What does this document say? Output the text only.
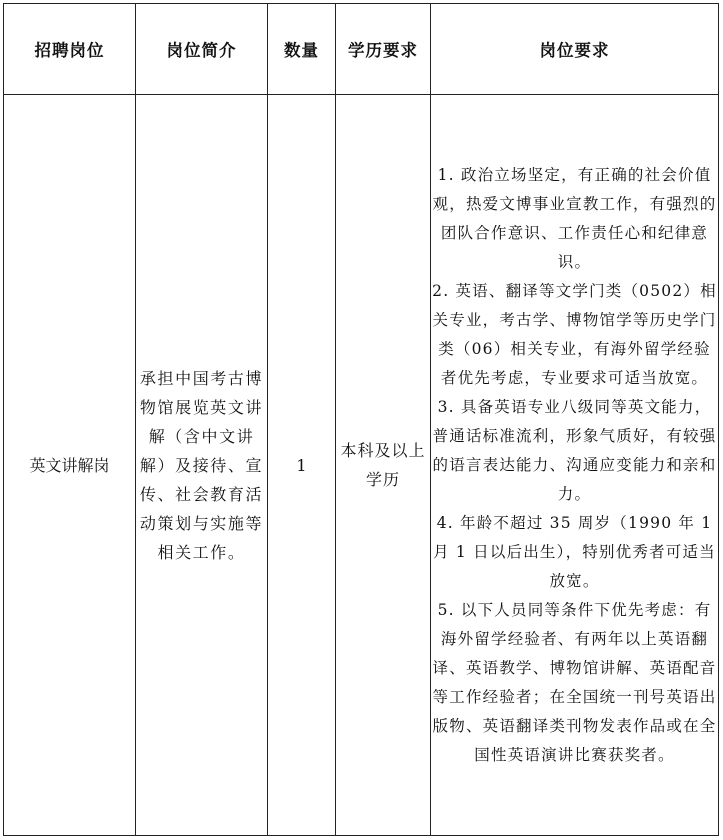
招聘岗位	岗位简介	数量	学历要求	岗位要求
英文讲解岗	承担中国考古博物馆展览英文讲解（含中文讲解）及接待、宣传、社会教育活动策划与实施等相关工作。	1	本科及以上学历	1. 政治立场坚定，有正确的社会价值观，热爱文博事业宣教工作，有强烈的团队合作意识、工作责任心和纪律意识。

2. 英语、翻译等文学门类（0502）相关专业，考古学、博物馆学等历史学门类（06）相关专业，有海外留学经验者优先考虑，专业要求可适当放宽。

3. 具备英语专业八级同等英文能力，普通话标准流利，形象气质好，有较强的语言表达能力、沟通应变能力和亲和力。

4. 年龄不超过 35 周岁（1990 年 1 月 1 日以后出生），特别优秀者可适当放宽。

5. 以下人员同等条件下优先考虑：有海外留学经验者、有两年以上英语翻译、英语教学、博物馆讲解、英语配音等工作经验者；在全国统一刊号英语出版物、英语翻译类刊物发表作品或在全国性英语演讲比赛获奖者。
